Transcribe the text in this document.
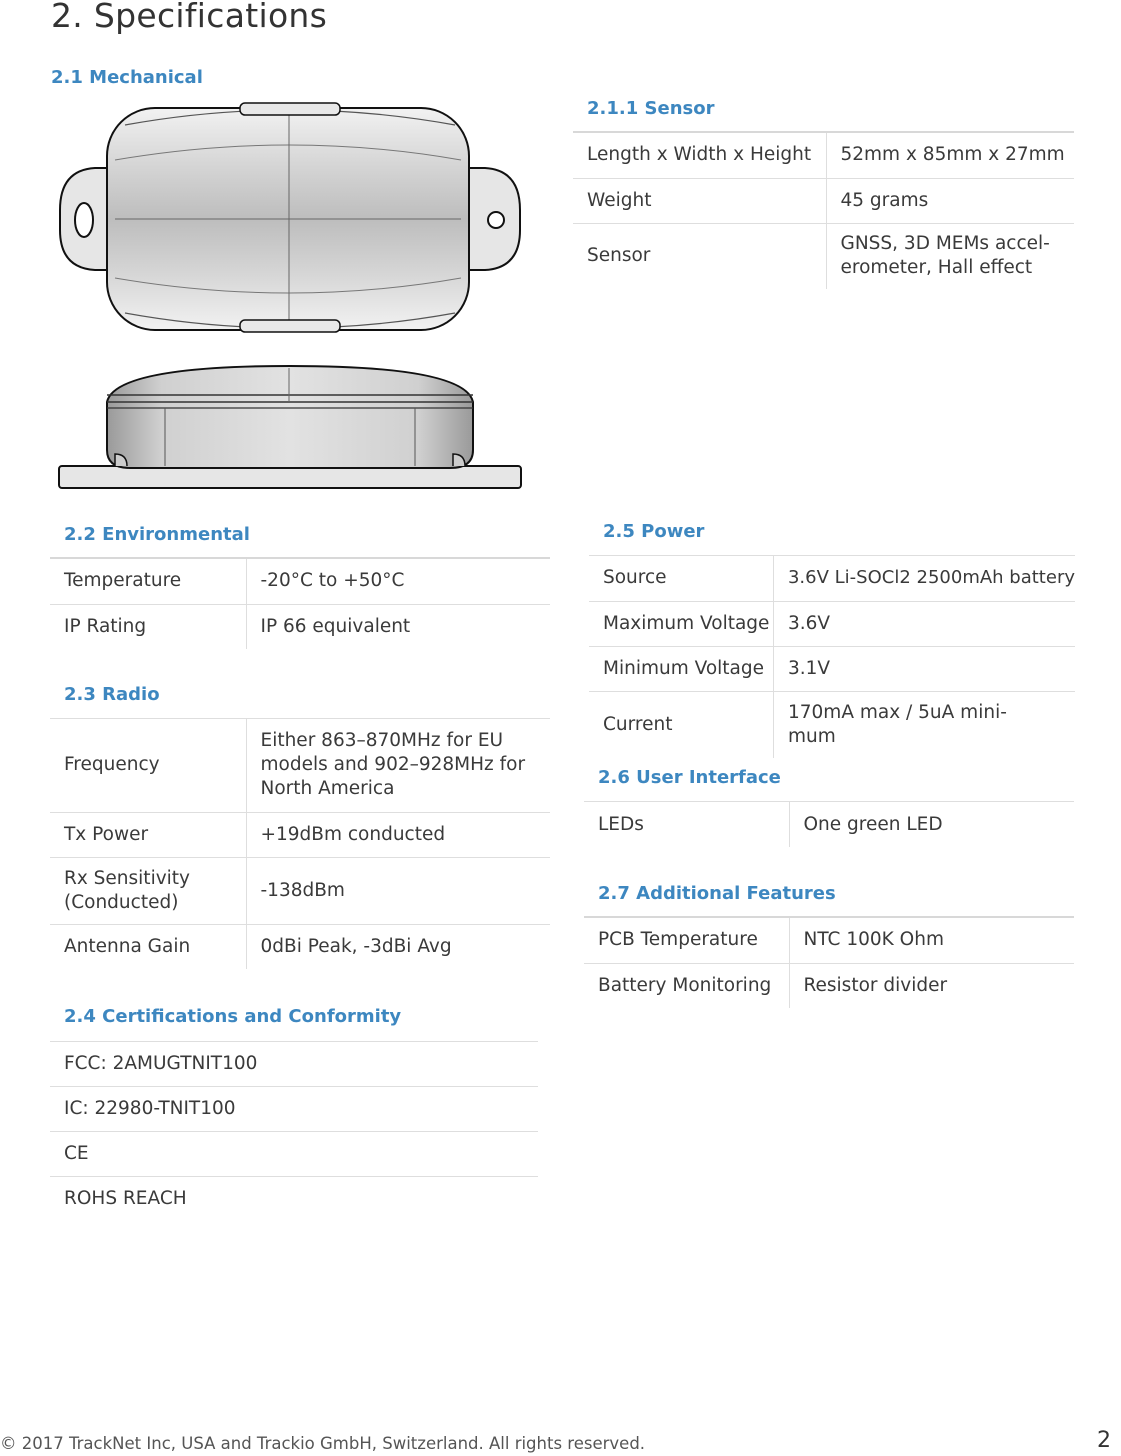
2. Specifications
2.1 Mechanical
2.1.1 Sensor
Length x Width x Height	52mm x 85mm x 27mm
Weight	45 grams
Sensor	GNSS, 3D MEMs accel-erometer, Hall effect
2.2 Environmental
Temperature	-20°C to +50°C
IP Rating	IP 66 equivalent
2.3 Radio
Frequency	Either 863–870MHz for EU models and 902–928MHz for North America
Tx Power	+19dBm conducted
Rx Sensitivity (Conducted)	-138dBm
Antenna Gain	0dBi Peak, -3dBi Avg
2.4 Certifications and Conformity
FCC: 2AMUGTNIT100
IC: 22980-TNIT100
CE
ROHS REACH
2.5 Power
Source	3.6V Li-SOCl2 2500mAh battery
Maximum Voltage	3.6V
Minimum Voltage	3.1V
Current	170mA max / 5uA mini-mum
2.6 User Interface
LEDs	One green LED
2.7 Additional Features
PCB Temperature	NTC 100K Ohm
Battery Monitoring	Resistor divider
© 2017 TrackNet Inc, USA and Trackio GmbH, Switzerland. All rights reserved.	2
